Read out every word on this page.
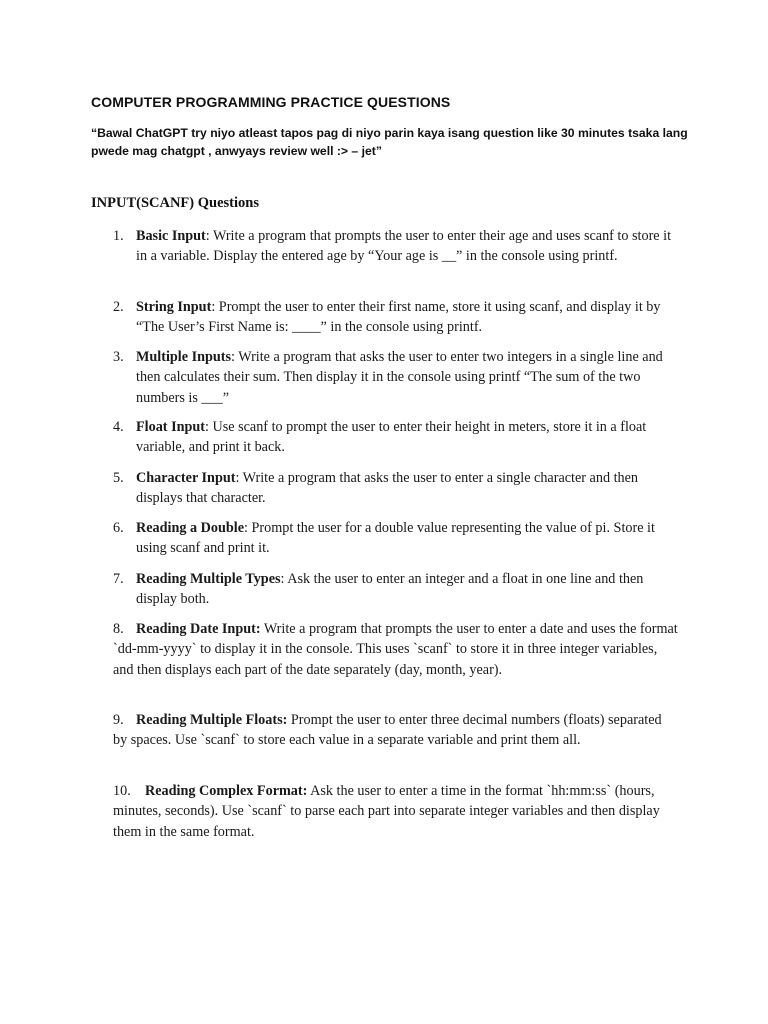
COMPUTER PROGRAMMING PRACTICE QUESTIONS
“Bawal ChatGPT try niyo atleast tapos pag di niyo parin kaya isang question like 30 minutes tsaka lang pwede mag chatgpt , anwyays review well :> – jet”
INPUT(SCANF) Questions

1. Basic Input: Write a program that prompts the user to enter their age and uses scanf to store it in a variable. Display the entered age by “Your age is __” in the console using printf.

2. String Input: Prompt the user to enter their first name, store it using scanf, and display it by “The User’s First Name is: ____” in the console using printf.

3. Multiple Inputs: Write a program that asks the user to enter two integers in a single line and then calculates their sum. Then display it in the console using printf “The sum of the two numbers is ___”

4. Float Input: Use scanf to prompt the user to enter their height in meters, store it in a float variable, and print it back.

5. Character Input: Write a program that asks the user to enter a single character and then displays that character.

6. Reading a Double: Prompt the user for a double value representing the value of pi. Store it using scanf and print it.

7. Reading Multiple Types: Ask the user to enter an integer and a float in one line and then display both.

8. Reading Date Input: Write a program that prompts the user to enter a date and uses the format `dd-mm-yyyy` to display it in the console. This uses `scanf` to store it in three integer variables, and then displays each part of the date separately (day, month, year).

9. Reading Multiple Floats: Prompt the user to enter three decimal numbers (floats) separated by spaces. Use `scanf` to store each value in a separate variable and print them all.

10. Reading Complex Format: Ask the user to enter a time in the format `hh:mm:ss` (hours, minutes, seconds). Use `scanf` to parse each part into separate integer variables and then display them in the same format.
